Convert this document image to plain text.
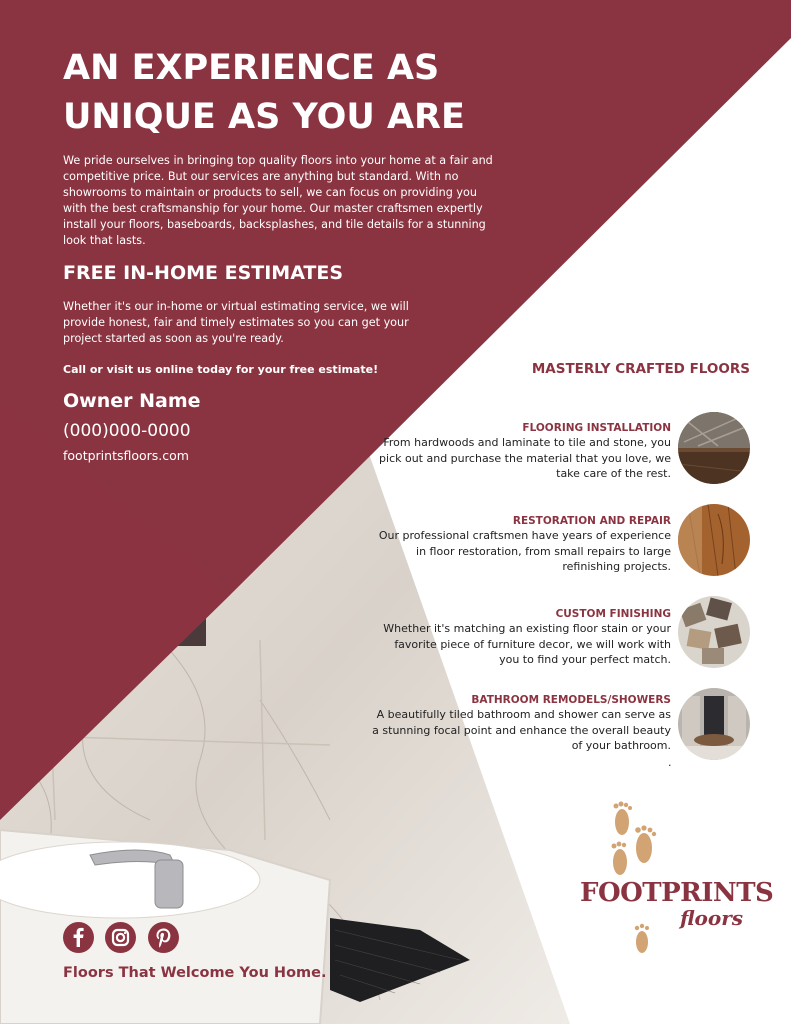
AN EXPERIENCE AS
UNIQUE AS YOU ARE
We pride ourselves in bringing top quality floors into your home at a fair and competitive price. But our services are anything but standard. With no showrooms to maintain or products to sell, we can focus on providing you with the best craftsmanship for your home. Our master craftsmen expertly install your floors, baseboards, backsplashes, and tile details for a stunning look that lasts.
FREE IN-HOME ESTIMATES
Whether it's our in-home or virtual estimating service, we will provide honest, fair and timely estimates so you can get your project started as soon as you're ready.
Call or visit us online today for your free estimate!
Owner Name
(000)000-0000
footprintsfloors.com
MASTERLY CRAFTED FLOORS
FLOORING INSTALLATION
From hardwoods and laminate to tile and stone, you pick out and purchase the material that you love, we take care of the rest.
RESTORATION AND REPAIR
Our professional craftsmen have years of experience in floor restoration, from small repairs to large refinishing projects.
CUSTOM FINISHING
Whether it's matching an existing floor stain or your favorite piece of furniture decor, we will work with you to find your perfect match.
BATHROOM REMODELS/SHOWERS
A beautifully tiled bathroom and shower can serve as a stunning focal point and enhance the overall beauty of your bathroom.
.
FOOTPRINTS
floors
Floors That Welcome You Home.
